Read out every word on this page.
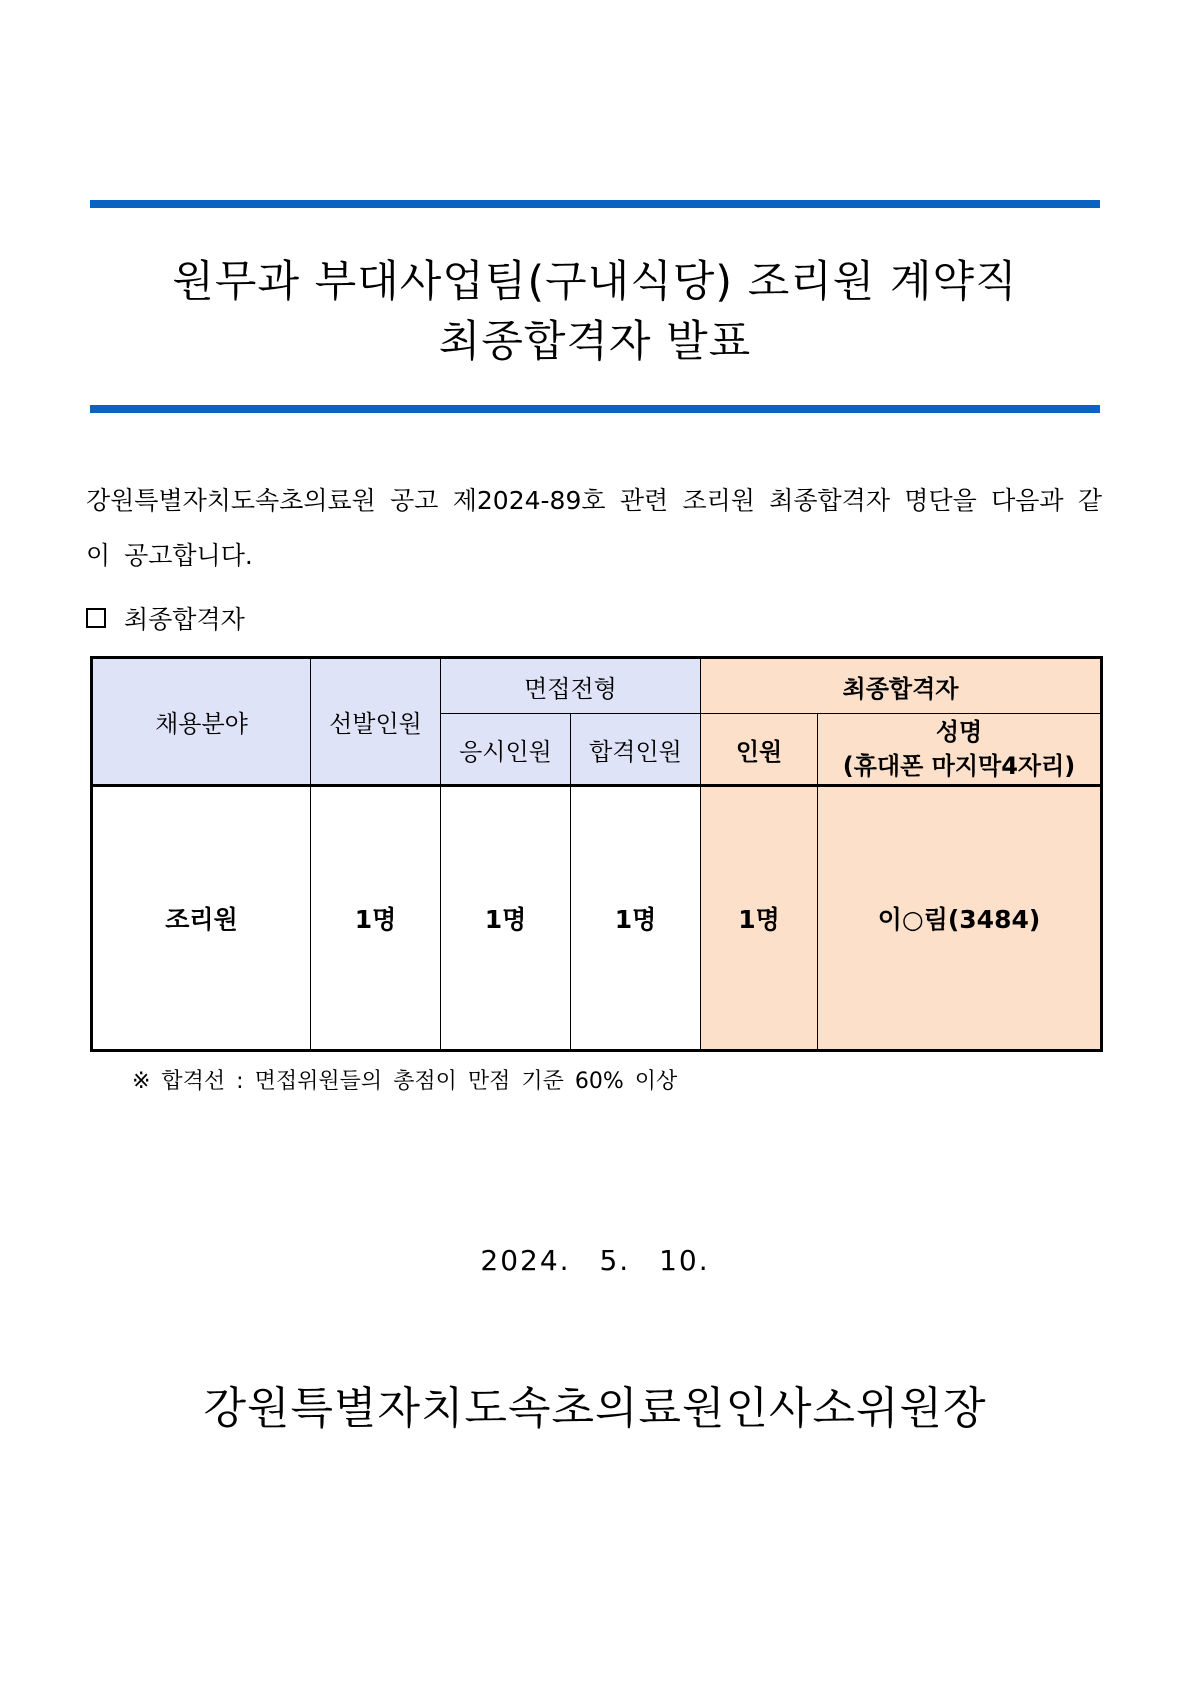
원무과 부대사업팀(구내식당) 조리원 계약직
최종합격자 발표

강원특별자치도속초의료원 공고 제2024-89호 관련 조리원 최종합격자 명단을 다음과 같이 공고합니다.

최종합격자
채용분야	선발인원	면접전형		최종합격자	
		응시인원	합격인원	인원	성명
(휴대폰 마지막4자리)

조리원	1명	1명	1명	1명	이○림(3484)
※ 합격선 : 면접위원들의 총점이 만점 기준 60% 이상
2024. 5. 10.
강원특별자치도속초의료원인사소위원장
